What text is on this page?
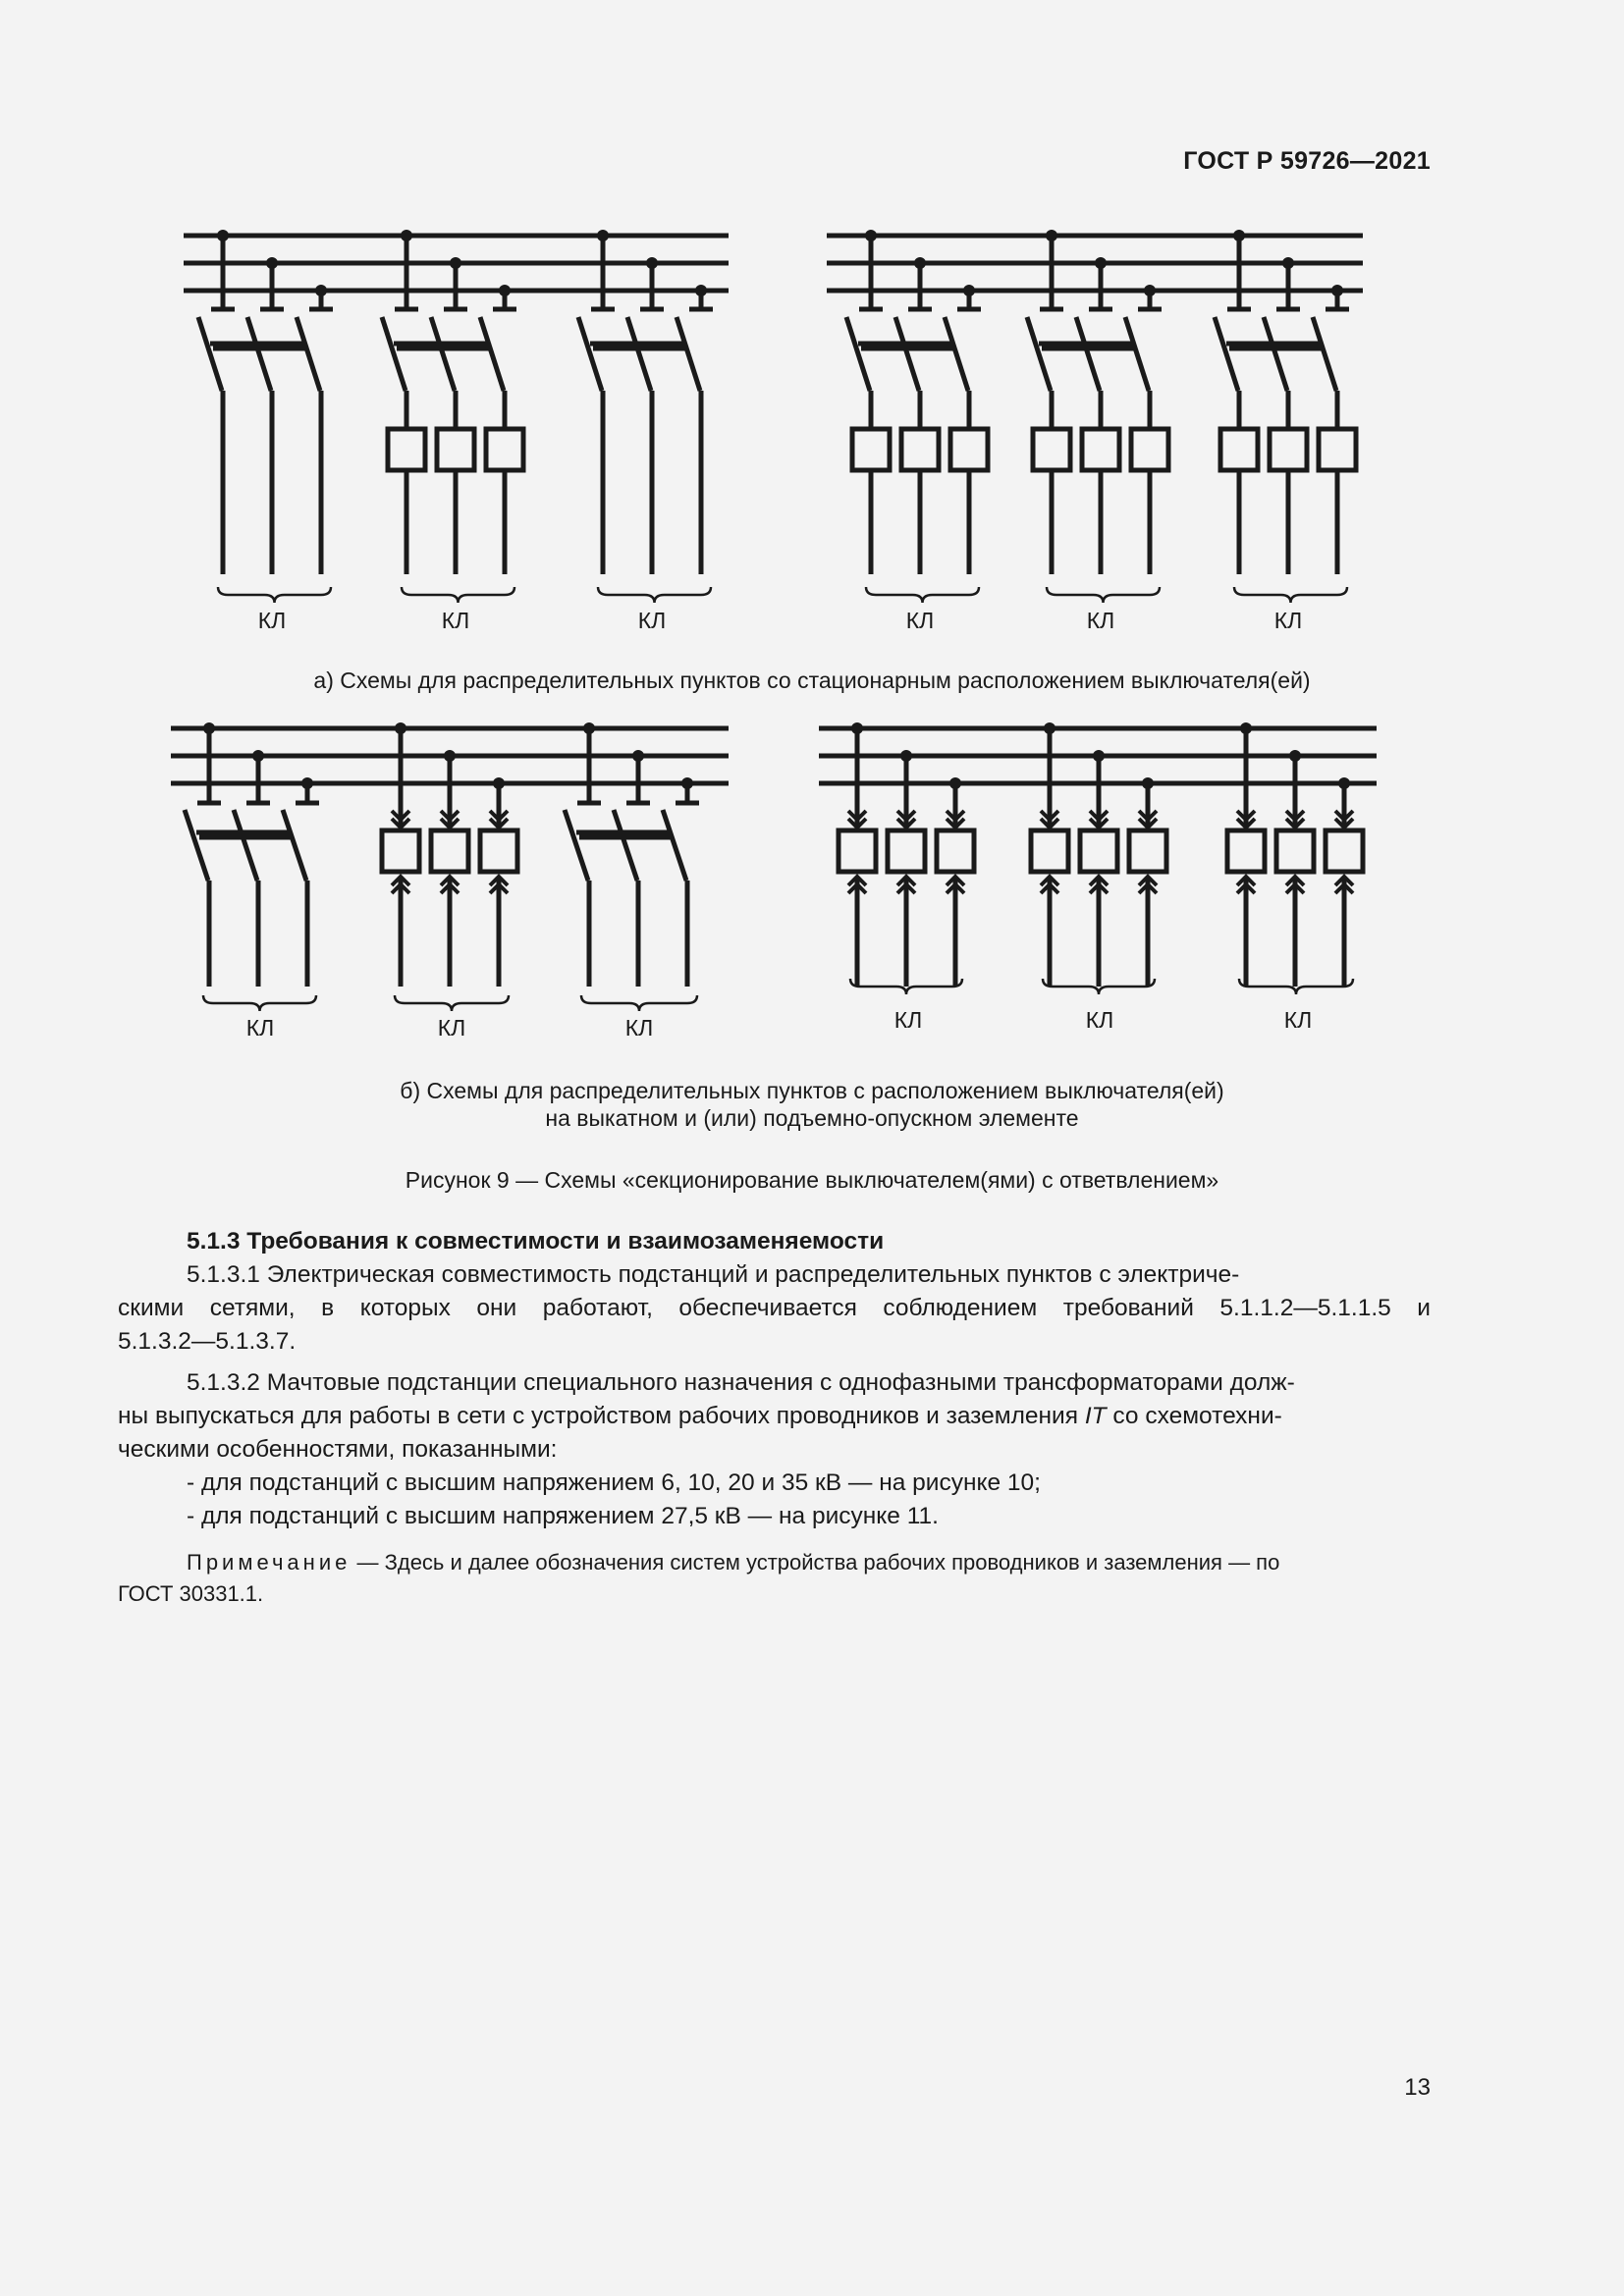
ГОСТ Р 59726—2021
КЛ	КЛ	КЛ	КЛ	КЛ	КЛ
а) Схемы для распределительных пунктов со стационарным расположением выключателя(ей)
КЛ	КЛ	КЛ	КЛ	КЛ	КЛ
б) Схемы для распределительных пунктов с расположением выключателя(ей)
на выкатном и (или) подъемно-опускном элементе
Рисунок 9 — Схемы «секционирование выключателем(ями) с ответвлением»

5.1.3 Требования к совместимости и взаимозаменяемости

5.1.3.1 Электрическая совместимость подстанций и распределительных пунктов с электриче-

скими сетями, в которых они работают, обеспечивается соблюдением требований 5.1.1.2—5.1.1.5 и

5.1.3.2—5.1.3.7.

5.1.3.2 Мачтовые подстанции специального назначения с однофазными трансформаторами долж-

ны выпускаться для работы в сети с устройством рабочих проводников и заземления IT со схемотехни-

ческими особенностями, показанными:

- для подстанций с высшим напряжением 6, 10, 20 и 35 кВ — на рисунке 10;

- для подстанций с высшим напряжением 27,5 кВ — на рисунке 11.

Примечание — Здесь и далее обозначения систем устройства рабочих проводников и заземления — по

ГОСТ 30331.1.

13
